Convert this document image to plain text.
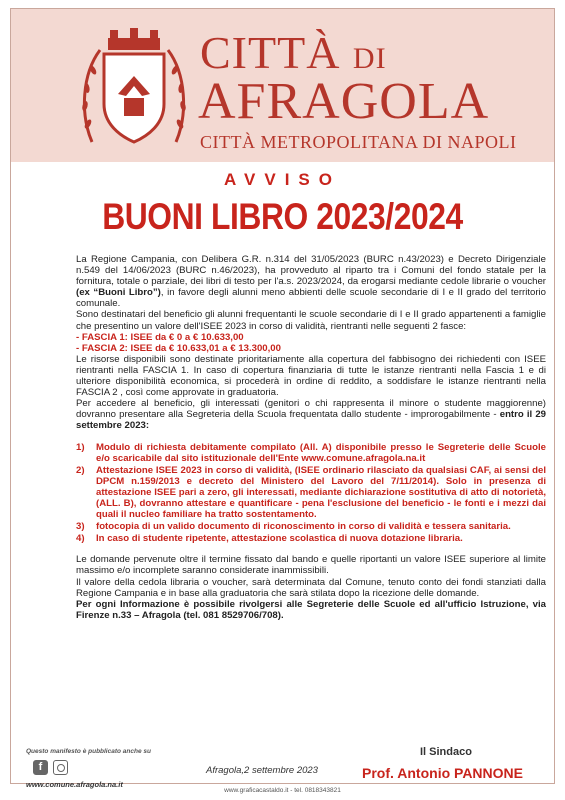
CITTÀ DI
AFRAGOLA
CITTÀ METROPOLITANA DI NAPOLI
AVVISO
BUONI LIBRO 2023/2024

La Regione Campania, con Delibera G.R. n.314 del 31/05/2023 (BURC n.43/2023) e Decreto Dirigenziale n.549 del 14/06/2023 (BURC n.46/2023), ha provveduto al riparto tra i Comuni del fondo statale per la fornitura, totale o parziale, dei libri di testo per l'a.s. 2023/2024, da erogarsi mediante cedole librarie o voucher (ex “Buoni Libro”), in favore degli alunni meno abbienti delle scuole secondarie di I e II grado del territorio comunale.

Sono destinatari del beneficio gli alunni frequentanti le scuole secondarie di I e II grado appartenenti a famiglie che presentino un valore dell'ISEE 2023 in corso di validità, rientranti nelle seguenti 2 fasce:

- FASCIA 1: ISEE da € 0 a € 10.633,00

- FASCIA 2: ISEE da € 10.633,01 a € 13.300,00

Le risorse disponibili sono destinate prioritariamente alla copertura del fabbisogno dei richiedenti con ISEE rientranti nella FASCIA 1. In caso di copertura finanziaria di tutte le istanze rientranti nella Fascia 1 e di ulteriore disponibilità economica, si procederà in ordine di reddito, a soddisfare le istanze rientranti nella FASCIA 2 , così come approvate in graduatoria.

Per accedere al beneficio, gli interessati (genitori o chi rappresenta il minore o studente maggiorenne) dovranno presentare alla Segreteria della Scuola frequentata dallo studente - improrogabilmente - entro il 29 settembre 2023:

1)	Modulo di richiesta debitamente compilato (All. A) disponibile presso le Segreterie delle Scuole e/o scaricabile dal sito istituzionale dell'Ente www.comune.afragola.na.it
2)	Attestazione ISEE 2023 in corso di validità, (ISEE ordinario rilasciato da qualsiasi CAF, ai sensi del DPCM n.159/2013 e decreto del Ministero del Lavoro del 7/11/2014). Solo in presenza di attestazione ISEE pari a zero, gli interessati, mediante dichiarazione sostitutiva di atto di notorietà, (ALL. B), dovranno attestare e quantificare - pena l'esclusione del beneficio - le fonti e i mezzi dai quali il nucleo familiare ha tratto sostentamento.
3)	fotocopia di un valido documento di riconoscimento in corso di validità e tessera sanitaria.
4)	In caso di studente ripetente, attestazione scolastica di nuova dotazione libraria.

Le domande pervenute oltre il termine fissato dal bando e quelle riportanti un valore ISEE superiore al limite massimo e/o incomplete saranno considerate inammissibili.

Il valore della cedola libraria o voucher, sarà determinata dal Comune, tenuto conto dei fondi stanziati dalla Regione Campania e in base alla graduatoria che sarà stilata dopo la ricezione delle domande.

Per ogni Informazione è possibile rivolgersi alle Segreterie delle Scuole ed all'ufficio Istruzione, via Firenze n.33 – Afragola (tel. 081 8529706/708).

Questo manifesto è pubblicato anche su
f
www.comune.afragola.na.it
Afragola,2 settembre 2023
Il Sindaco
Prof. Antonio PANNONE
www.graficacastaldo.it - tel. 0818343821
